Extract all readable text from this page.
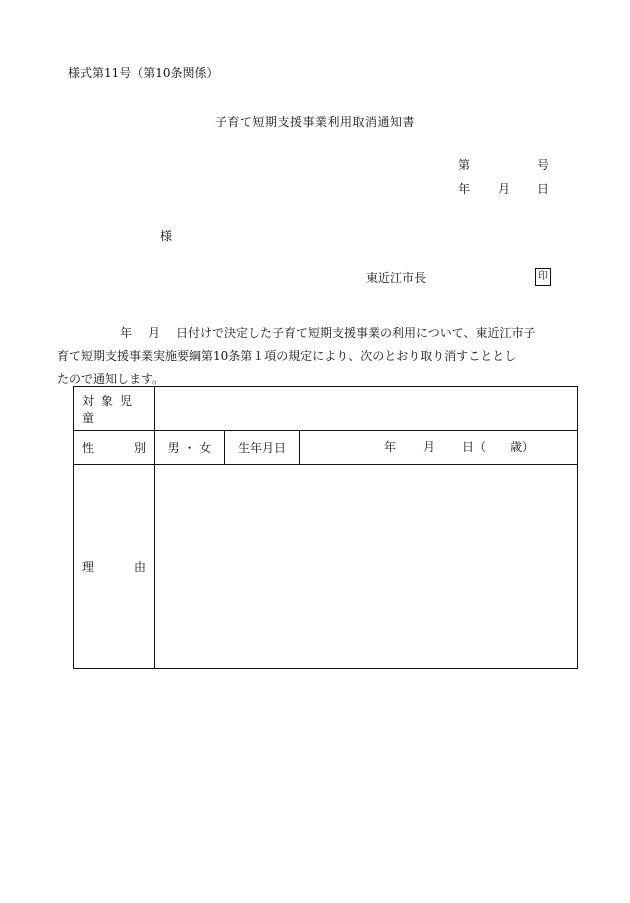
様式第11号（第10条関係）
子育て短期支援事業利用取消通知書
第	号
年 月 日
様
東近江市長	印
年 月 日付けで決定した子育て短期支援事業の利用について、東近江市子
育て短期支援事業実施要綱第10条第１項の規定により、次のとおり取り消すこととし
たので通知します。
対象児童			

性 別	男 ・ 女	生年月日	年 月 日（ 歳）

理 由			
